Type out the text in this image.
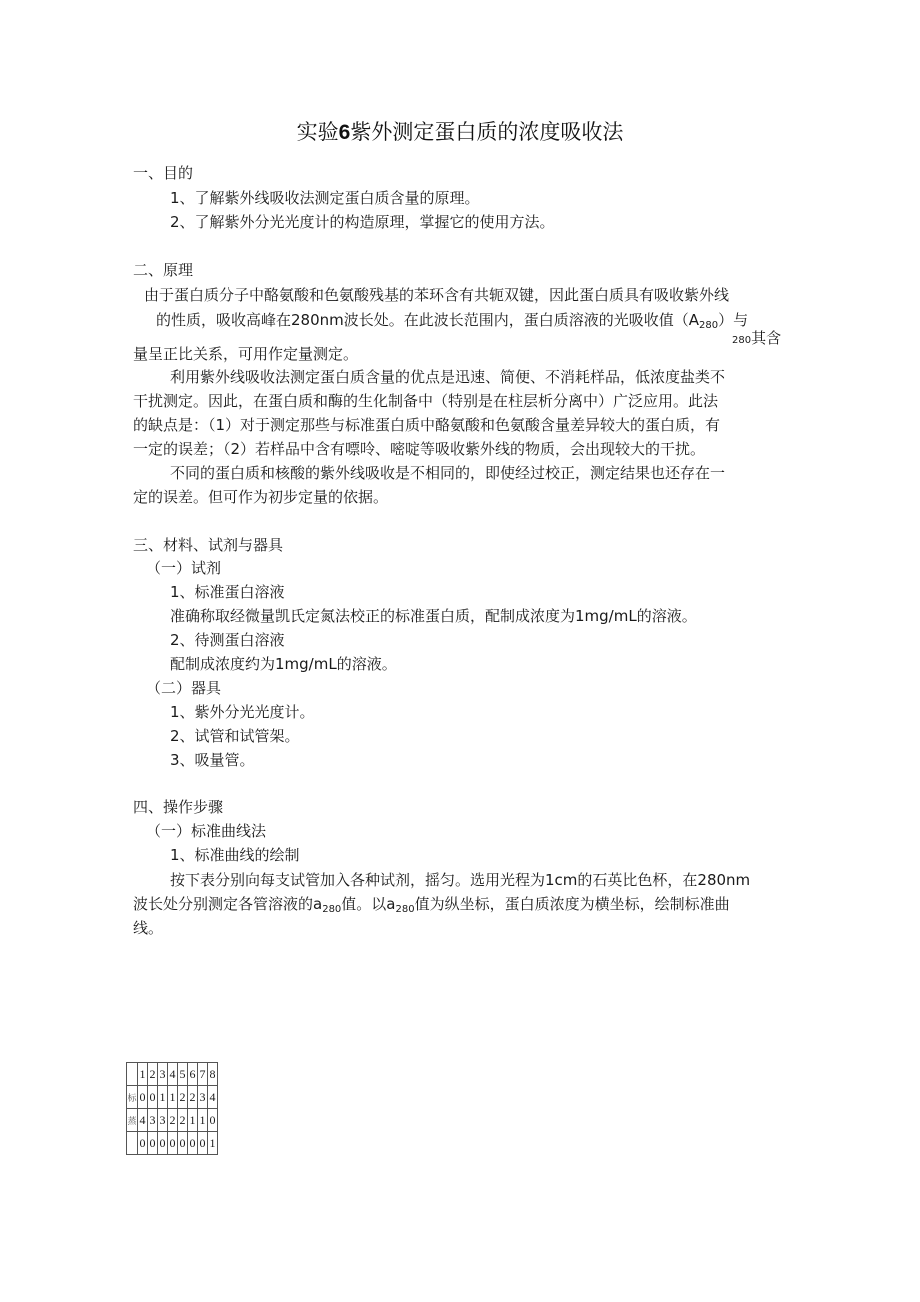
实验6紫外测定蛋白质的浓度吸收法
一、目的
1、了解紫外线吸收法测定蛋白质含量的原理。
2、了解紫外分光光度计的构造原理，掌握它的使用方法。
二、原理
由于蛋白质分子中酪氨酸和色氨酸残基的苯环含有共轭双键，因此蛋白质具有吸收紫外线
的性质，吸收高峰在280nm波长处。在此波长范围内，蛋白质溶液的光吸收值$(A_{280})$与
280其含
量呈正比关系，可用作定量测定。
利用紫外线吸收法测定蛋白质含量的优点是迅速、简便、不消耗样品，低浓度盐类不
干扰测定。因此，在蛋白质和酶的生化制备中（特别是在柱层析分离中）广泛应用。此法
的缺点是：（1）对于测定那些与标准蛋白质中酪氨酸和色氨酸含量差异较大的蛋白质，有
一定的误差；（2）若样品中含有嘌呤、嘧啶等吸收紫外线的物质，会出现较大的干扰。
不同的蛋白质和核酸的紫外线吸收是不相同的，即使经过校正，测定结果也还存在一
定的误差。但可作为初步定量的依据。
三、材料、试剂与器具
（一）试剂
1、标准蛋白溶液
准确称取经微量凯氏定氮法校正的标准蛋白质，配制成浓度为1mg/mL的溶液。
2、待测蛋白溶液
配制成浓度约为1mg/mL的溶液。
（二）器具
1、紫外分光光度计。
2、试管和试管架。
3、吸量管。
四、操作步骤
（一）标准曲线法
1、标准曲线的绘制
按下表分别向每支试管加入各种试剂，摇匀。选用光程为1cm的石英比色杯，在280nm
波长处分别测定各管溶液的$a_{280}$值。以$a_{280}$值为纵坐标，蛋白质浓度为横坐标，绘制标准曲
线。
	1	2	3	4	5	6	7	8
标	0	0	1	1	2	2	3	4
蒸	4	3	3	2	2	1	1	0
	0	0	0	0	0	0	0	1
